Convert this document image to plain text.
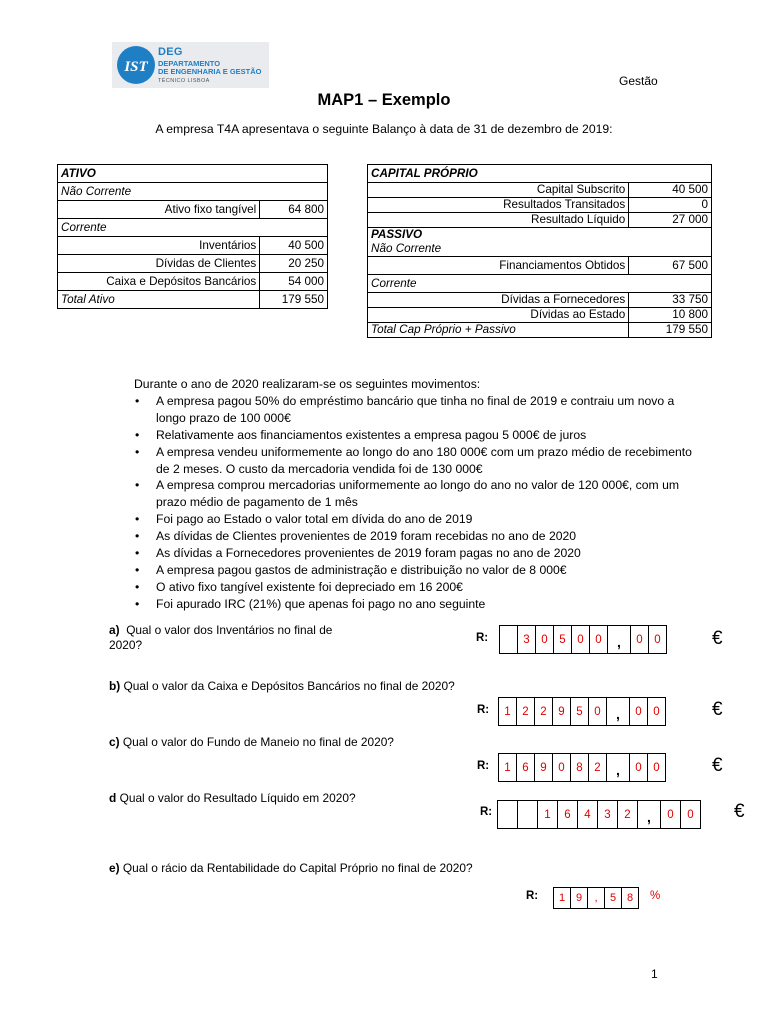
IST
DEG
DEPARTAMENTO
DE ENGENHARIA E GESTÃO
TÉCNICO LISBOA	Gestão
MAP1 – Exemplo
A empresa T4A apresentava o seguinte Balanço à data de 31 de dezembro de 2019:
ATIVO	
Não Corrente	
Ativo fixo tangível	64 800
Corrente	
Inventários	40 500
Dívidas de Clientes	20 250
Caixa e Depósitos Bancários	54 000
Total Ativo	179 550
CAPITAL PRÓPRIO	
Capital Subscrito	40 500
Resultados Transitados	0
Resultado Líquido	27 000
PASSIVO	
Não Corrente	
Financiamentos Obtidos	67 500
Corrente	
Dívidas a Fornecedores	33 750
Dívidas ao Estado	10 800
Total Cap Próprio + Passivo	179 550
Durante o ano de 2020 realizaram-se os seguintes movimentos:
• A empresa pagou 50% do empréstimo bancário que tinha no final de 2019 e contraiu um novo a longo prazo de 100 000€
• Relativamente aos financiamentos existentes a empresa pagou 5 000€ de juros
• A empresa vendeu uniformemente ao longo do ano 180 000€ com um prazo médio de recebimento de 2 meses. O custo da mercadoria vendida foi de 130 000€
• A empresa comprou mercadorias uniformemente ao longo do ano no valor de 120 000€, com um prazo médio de pagamento de 1 mês
• Foi pago ao Estado o valor total em dívida do ano de 2019
• As dívidas de Clientes provenientes de 2019 foram recebidas no ano de 2020
• As dívidas a Fornecedores provenientes de 2019 foram pagas no ano de 2020
• A empresa pagou gastos de administração e distribuição no valor de 8 000€
• O ativo fixo tangível existente foi depreciado em 16 200€
• Foi apurado IRC (21%) que apenas foi pago no ano seguinte
a) Qual o valor dos Inventários no final de
2020?	R:	3	0	5	0	0	,	0	0	€
b) Qual o valor da Caixa e Depósitos Bancários no final de 2020?
R:	1	2	2	9	5	0	,	0	0	€
c) Qual o valor do Fundo de Maneio no final de 2020?
R:	1	6	9	0	8	2	,	0	0	€
d Qual o valor do Resultado Líquido em 2020?
R:	1	6	4	3	2	,	0	0	€
e) Qual o rácio da Rentabilidade do Capital Próprio no final de 2020?
R:	1 9	,	5 8	%
1
